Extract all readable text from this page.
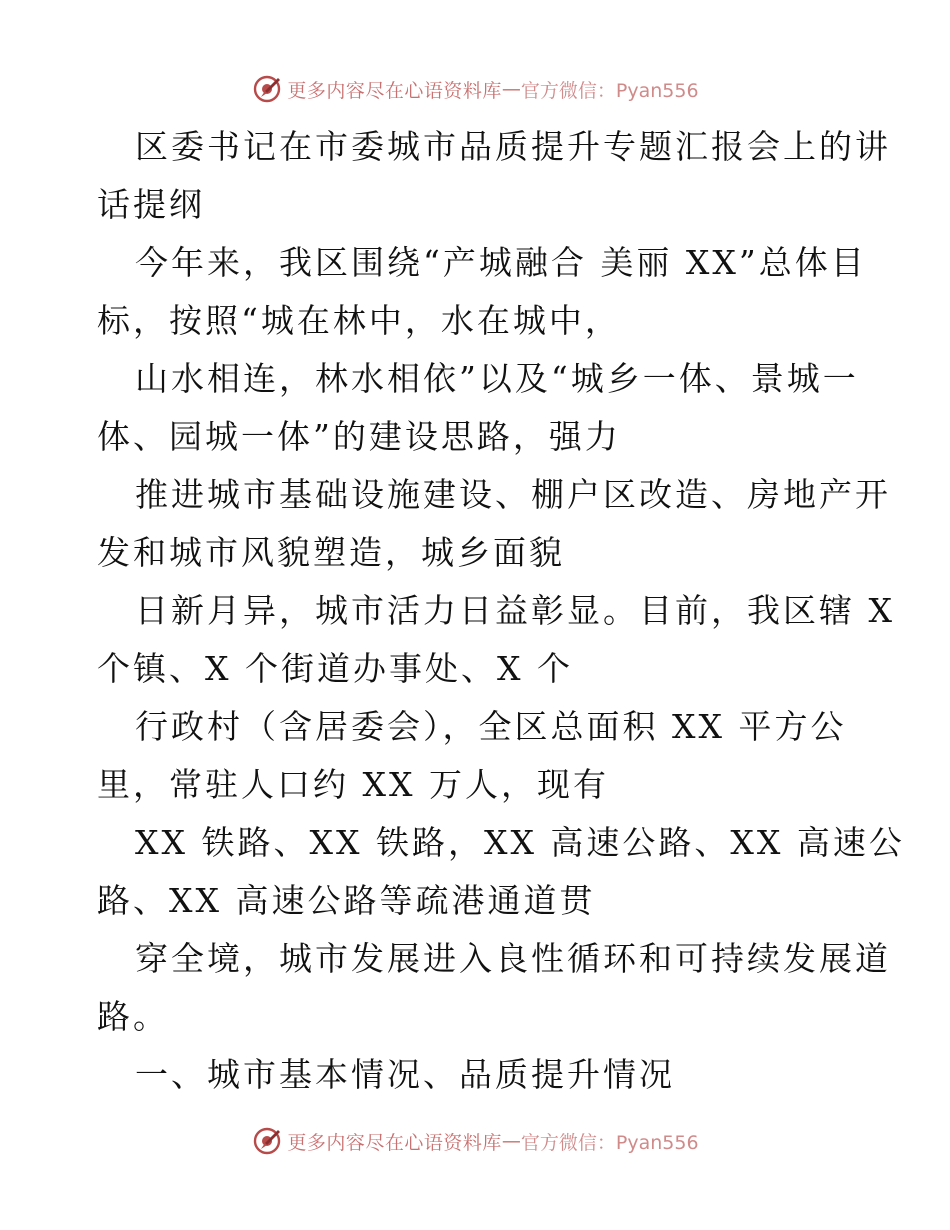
更多内容尽在心语资料库 — 官方微信：Pyan556
区委书记在市委城市品质提升专题汇报会上的讲
话提纲
今年来，我区围绕“产城融合 美丽 XX”总体目
标，按照“城在林中，水在城中，
山水相连，林水相依”以及“城乡一体、景城一
体、园城一体”的建设思路，强力
推进城市基础设施建设、棚户区改造、房地产开
发和城市风貌塑造，城乡面貌
日新月异，城市活力日益彰显。目前，我区辖 X
个镇、X 个街道办事处、X 个
行政村（含居委会），全区总面积 XX 平方公
里，常驻人口约 XX 万人，现有
XX 铁路、XX 铁路，XX 高速公路、XX 高速公
路、XX 高速公路等疏港通道贯
穿全境，城市发展进入良性循环和可持续发展道
路。
一、城市基本情况、品质提升情况
更多内容尽在心语资料库 — 官方微信：Pyan556
